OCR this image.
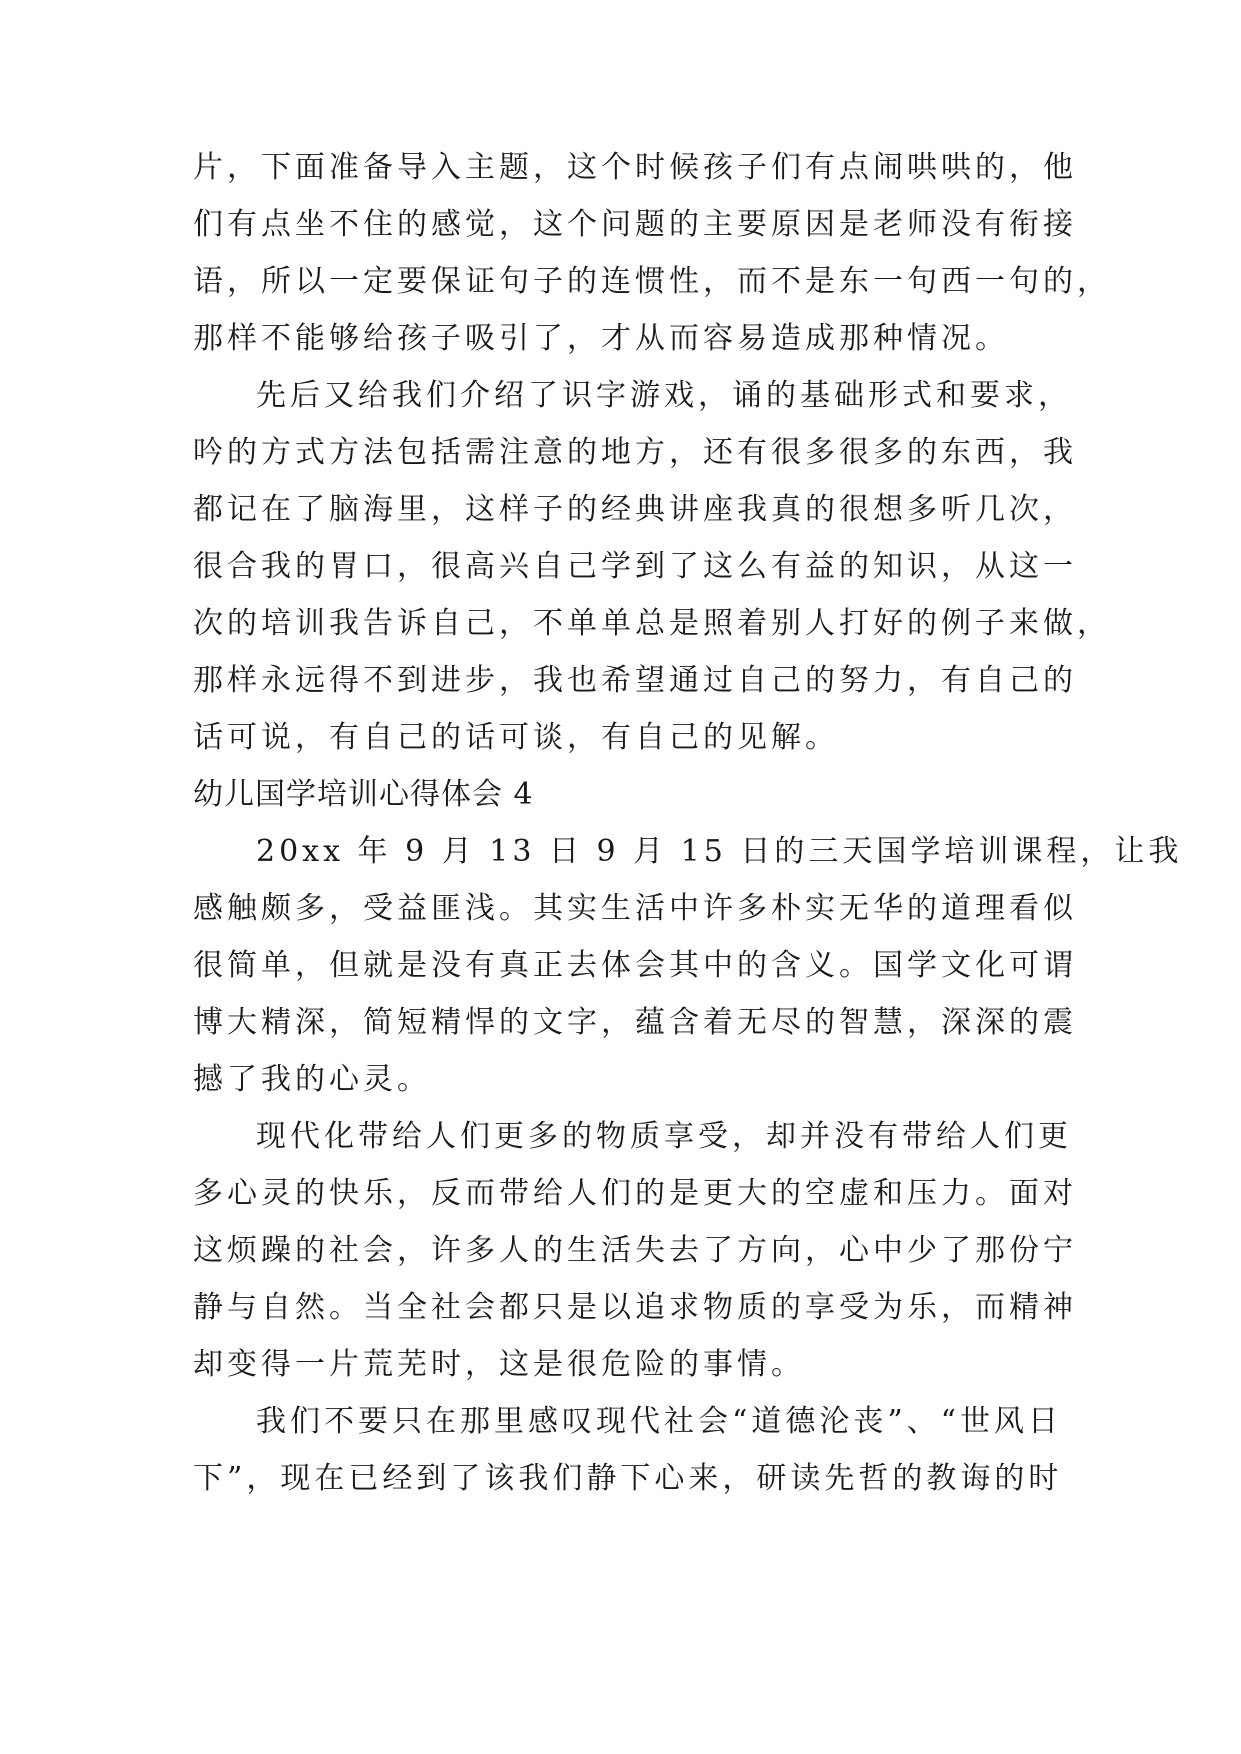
片，下面准备导入主题，这个时候孩子们有点闹哄哄的，他
们有点坐不住的感觉，这个问题的主要原因是老师没有衔接
语，所以一定要保证句子的连惯性，而不是东一句西一句的，
那样不能够给孩子吸引了，才从而容易造成那种情况。
先后又给我们介绍了识字游戏，诵的基础形式和要求，
吟的方式方法包括需注意的地方，还有很多很多的东西，我
都记在了脑海里，这样子的经典讲座我真的很想多听几次，
很合我的胃口，很高兴自己学到了这么有益的知识，从这一
次的培训我告诉自己，不单单总是照着别人打好的例子来做，
那样永远得不到进步，我也希望通过自己的努力，有自己的
话可说，有自己的话可谈，有自己的见解。
幼儿国学培训心得体会 4
20xx 年 9 月 13 日 9 月 15 日的三天国学培训课程，让我
感触颇多，受益匪浅。其实生活中许多朴实无华的道理看似
很简单，但就是没有真正去体会其中的含义。国学文化可谓
博大精深，简短精悍的文字，蕴含着无尽的智慧，深深的震
撼了我的心灵。
现代化带给人们更多的物质享受，却并没有带给人们更
多心灵的快乐，反而带给人们的是更大的空虚和压力。面对
这烦躁的社会，许多人的生活失去了方向，心中少了那份宁
静与自然。当全社会都只是以追求物质的享受为乐，而精神
却变得一片荒芜时，这是很危险的事情。
我们不要只在那里感叹现代社会“道德沦丧”、“世风日
下”，现在已经到了该我们静下心来，研读先哲的教诲的时
